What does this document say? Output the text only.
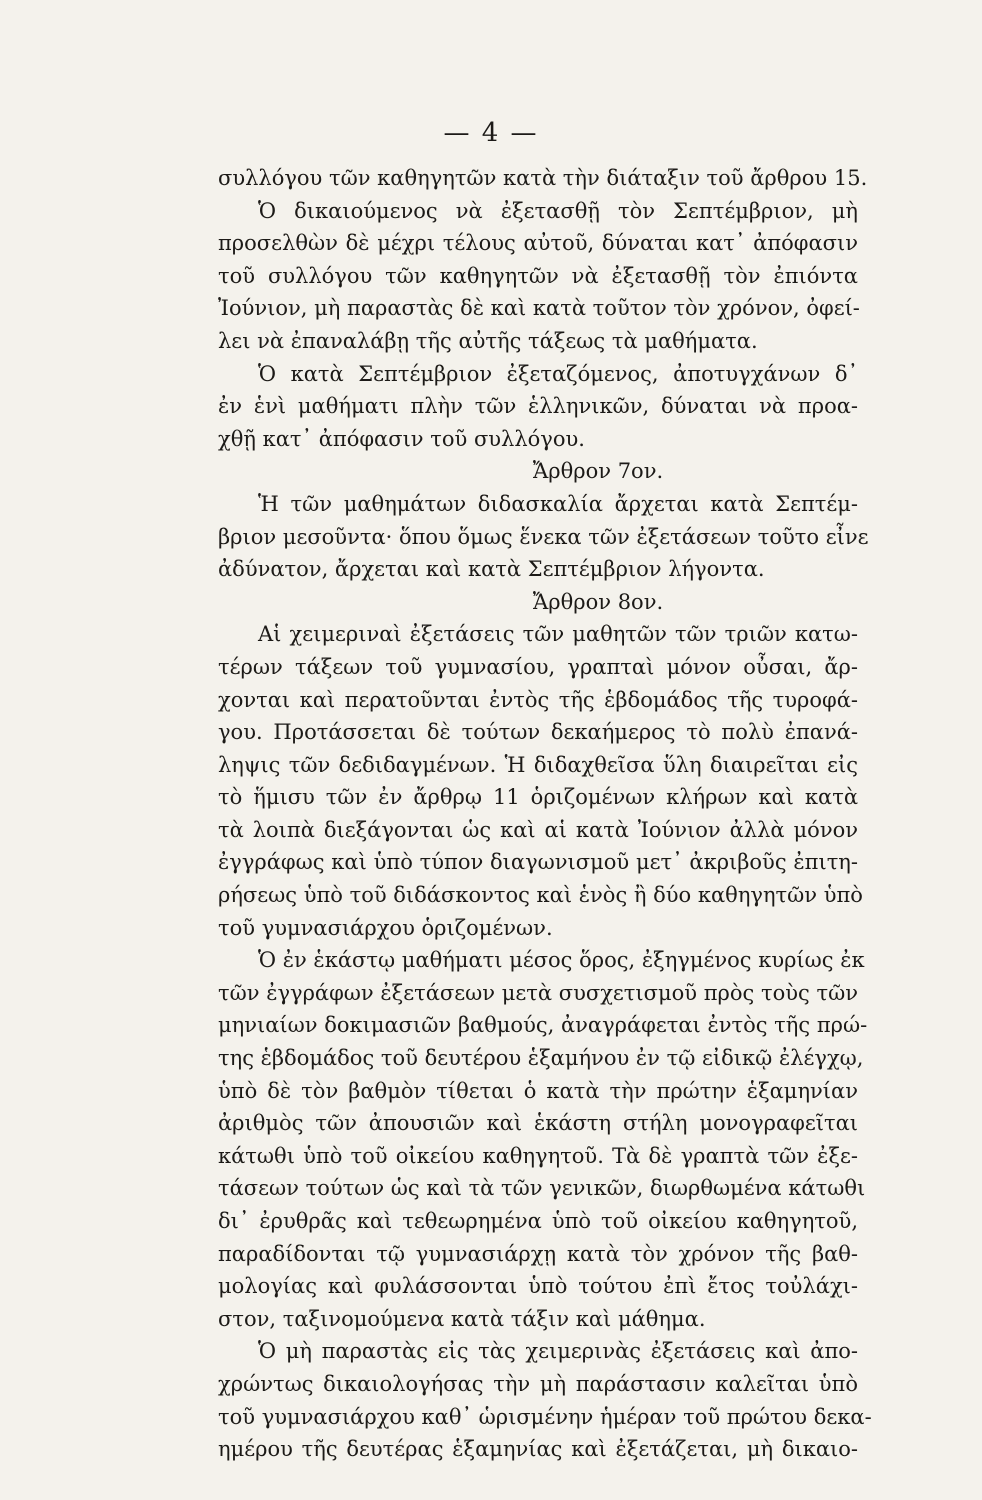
— 4 —
συλλόγου τῶν καθηγητῶν κατὰ τὴν διάταξιν τοῦ ἄρθρου 15.
Ὁ δικαιούμενος νὰ ἐξετασθῇ τὸν Σεπτέμβριον, μὴ
προσελθὼν δὲ μέχρι τέλους αὐτοῦ, δύναται κατ᾽ ἀπόφασιν
τοῦ συλλόγου τῶν καθηγητῶν νὰ ἐξετασθῇ τὸν ἐπιόντα
Ἰούνιον, μὴ παραστὰς δὲ καὶ κατὰ τοῦτον τὸν χρόνον, ὀφεί-
λει νὰ ἐπαναλάβῃ τῆς αὐτῆς τάξεως τὰ μαθήματα.
Ὁ κατὰ Σεπτέμβριον ἐξεταζόμενος, ἀποτυγχάνων δ᾽
ἐν ἑνὶ μαθήματι πλὴν τῶν ἑλληνικῶν, δύναται νὰ προα-
χθῇ κατ᾽ ἀπόφασιν τοῦ συλλόγου.
Ἄρθρον 7ον.
Ἡ τῶν μαθημάτων διδασκαλία ἄρχεται κατὰ Σεπτέμ-
βριον μεσοῦντα· ὅπου ὅμως ἕνεκα τῶν ἐξετάσεων τοῦτο εἶνε
ἀδύνατον, ἄρχεται καὶ κατὰ Σεπτέμβριον λήγοντα.
Ἄρθρον 8ον.
Αἱ χειμεριναὶ ἐξετάσεις τῶν μαθητῶν τῶν τριῶν κατω-
τέρων τάξεων τοῦ γυμνασίου, γραπταὶ μόνον οὖσαι, ἄρ-
χονται καὶ περατοῦνται ἐντὸς τῆς ἑβδομάδος τῆς τυροφά-
γου. Προτάσσεται δὲ τούτων δεκαήμερος τὸ πολὺ ἐπανά-
ληψις τῶν δεδιδαγμένων. Ἡ διδαχθεῖσα ὕλη διαιρεῖται εἰς
τὸ ἥμισυ τῶν ἐν ἄρθρῳ 11 ὁριζομένων κλήρων καὶ κατὰ
τὰ λοιπὰ διεξάγονται ὡς καὶ αἱ κατὰ Ἰούνιον ἀλλὰ μόνον
ἐγγράφως καὶ ὑπὸ τύπον διαγωνισμοῦ μετ᾽ ἀκριβοῦς ἐπιτη-
ρήσεως ὑπὸ τοῦ διδάσκοντος καὶ ἑνὸς ἢ δύο καθηγητῶν ὑπὸ
τοῦ γυμνασιάρχου ὁριζομένων.
Ὁ ἐν ἑκάστῳ μαθήματι μέσος ὅρος, ἐξηγμένος κυρίως ἐκ
τῶν ἐγγράφων ἐξετάσεων μετὰ συσχετισμοῦ πρὸς τοὺς τῶν
μηνιαίων δοκιμασιῶν βαθμούς, ἀναγράφεται ἐντὸς τῆς πρώ-
της ἑβδομάδος τοῦ δευτέρου ἑξαμήνου ἐν τῷ εἰδικῷ ἐλέγχῳ,
ὑπὸ δὲ τὸν βαθμὸν τίθεται ὁ κατὰ τὴν πρώτην ἑξαμηνίαν
ἀριθμὸς τῶν ἀπουσιῶν καὶ ἑκάστη στήλη μονογραφεῖται
κάτωθι ὑπὸ τοῦ οἰκείου καθηγητοῦ. Τὰ δὲ γραπτὰ τῶν ἐξε-
τάσεων τούτων ὡς καὶ τὰ τῶν γενικῶν, διωρθωμένα κάτωθι
δι᾽ ἐρυθρᾶς καὶ τεθεωρημένα ὑπὸ τοῦ οἰκείου καθηγητοῦ,
παραδίδονται τῷ γυμνασιάρχῃ κατὰ τὸν χρόνον τῆς βαθ-
μολογίας καὶ φυλάσσονται ὑπὸ τούτου ἐπὶ ἔτος τοὐλάχι-
στον, ταξινομούμενα κατὰ τάξιν καὶ μάθημα.
Ὁ μὴ παραστὰς εἰς τὰς χειμερινὰς ἐξετάσεις καὶ ἀπο-
χρώντως δικαιολογήσας τὴν μὴ παράστασιν καλεῖται ὑπὸ
τοῦ γυμνασιάρχου καθ᾽ ὡρισμένην ἡμέραν τοῦ πρώτου δεκα-
ημέρου τῆς δευτέρας ἑξαμηνίας καὶ ἐξετάζεται, μὴ δικαιο-
